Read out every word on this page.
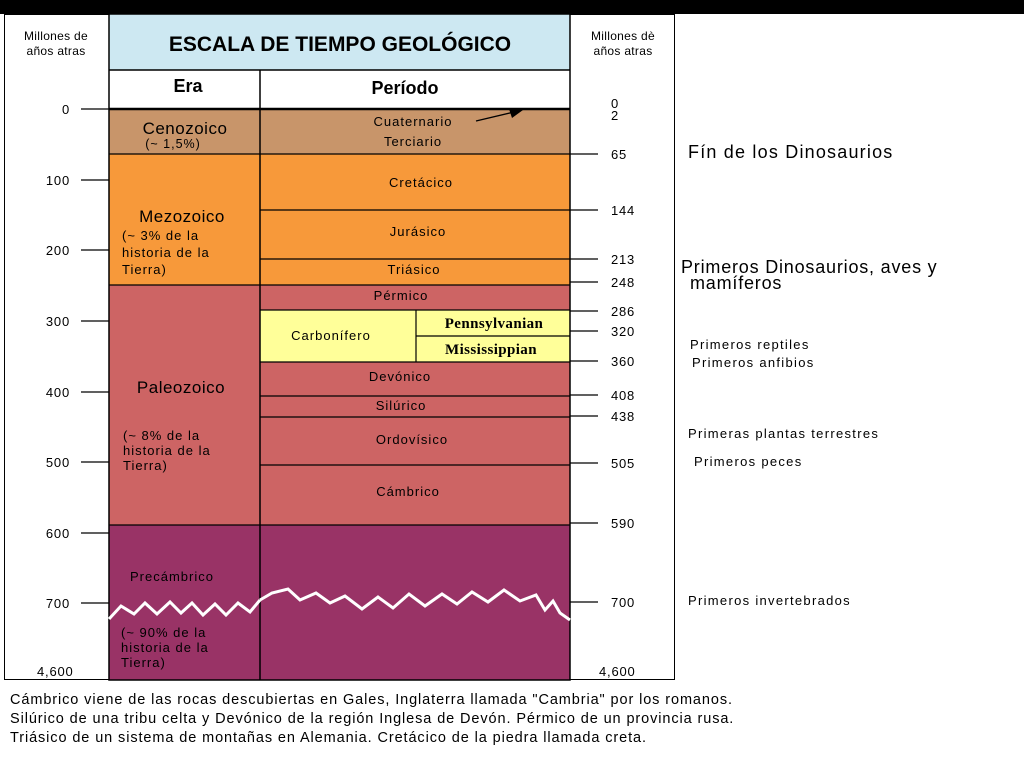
ESCALA DE TIEMPO GEOLÓGICO
Era	Período
Millones de
años atras
Millones dè
años atras
0
100
200
300
400
500
600
700
4,600
0
2
65
144
213
248
286
320
360
408
438
505
590
700
4,600
Cenozoico
(~ 1,5%)
Mezozoico
(~ 3% de la
historia de la
Tierra)
Paleozoico
(~ 8% de la
historia de la
Tierra)
Precámbrico
(~ 90% de la
historia de la
Tierra)
Cuaternario
Terciario
Cretácico
Jurásico
Triásico
Pérmico
Carbonífero
Devónico
Silúrico
Ordovísico
Cámbrico
Pennsylvanian
Mississippian
Fín de los Dinosaurios
Primeros Dinosaurios, aves y
mamíferos
Primeros reptiles
Primeros anfibios
Primeras plantas terrestres
Primeros peces
Primeros invertebrados
Cámbrico viene de las rocas descubiertas en Gales, Inglaterra llamada "Cambria" por los romanos.
Silúrico de una tribu celta y Devónico de la región Inglesa de Devón. Pérmico de un provincia rusa.
Triásico de un sistema de montañas en Alemania. Cretácico de la piedra llamada creta.
